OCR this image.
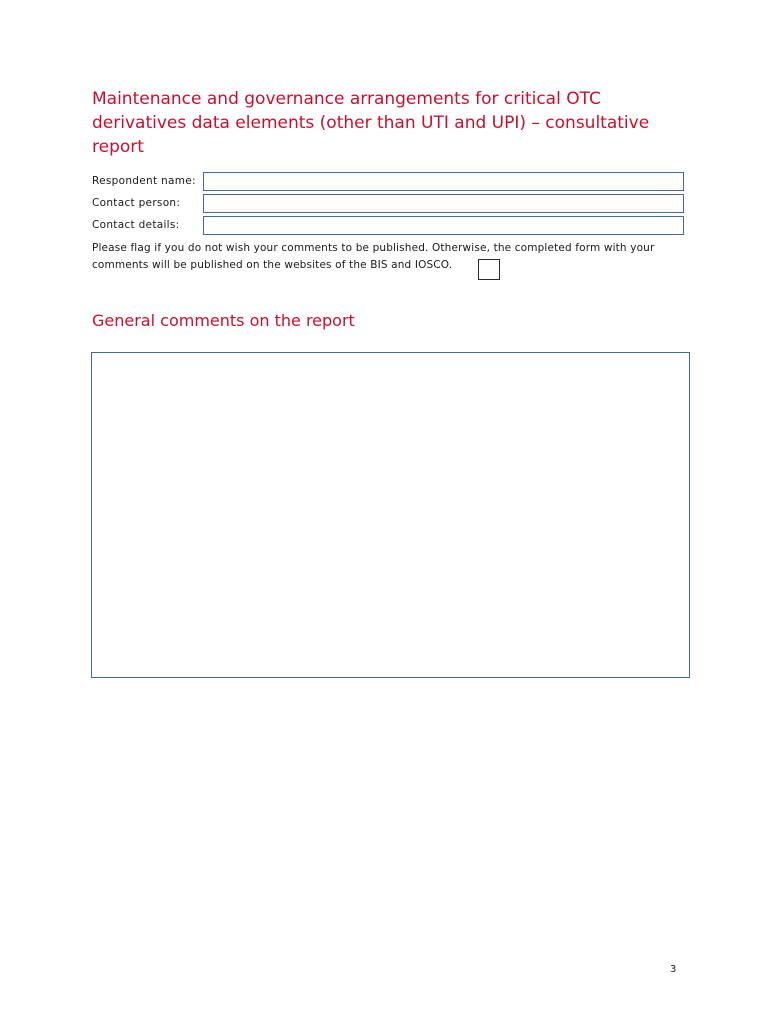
Maintenance and governance arrangements for critical OTC derivatives data elements (other than UTI and UPI) – consultative report
Respondent name:
Contact person:
Contact details:

Please flag if you do not wish your comments to be published. Otherwise, the completed form with your
comments will be published on the websites of the BIS and IOSCO.

General comments on the report
3
